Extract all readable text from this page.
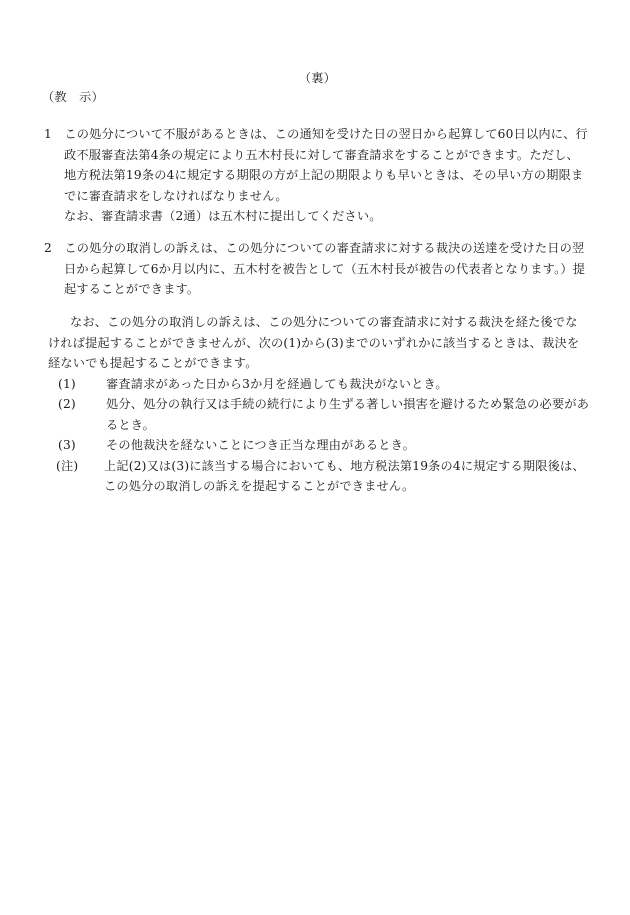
（裏）
（教　示）
1　この処分について不服があるときは、この通知を受けた日の翌日から起算して60日以内に、行政不服審査法第4条の規定により五木村長に対して審査請求をすることができます。ただし、地方税法第19条の4に規定する期限の方が上記の期限よりも早いときは、その早い方の期限までに審査請求をしなければなりません。
なお、審査請求書（2通）は五木村に提出してください。
2　この処分の取消しの訴えは、この処分についての審査請求に対する裁決の送達を受けた日の翌日から起算して6か月以内に、五木村を被告として（五木村長が被告の代表者となります。）提起することができます。
なお、この処分の取消しの訴えは、この処分についての審査請求に対する裁決を経た後でなければ提起することができませんが、次の(1)から(3)までのいずれかに該当するときは、裁決を経ないでも提起することができます。
(1) 審査請求があった日から3か月を経過しても裁決がないとき。
(2) 処分、処分の執行又は手続の続行により生ずる著しい損害を避けるため緊急の必要があるとき。
(3) その他裁決を経ないことにつき正当な理由があるとき。
(注) 上記(2)又は(3)に該当する場合においても、地方税法第19条の4に規定する期限後は、この処分の取消しの訴えを提起することができません。
